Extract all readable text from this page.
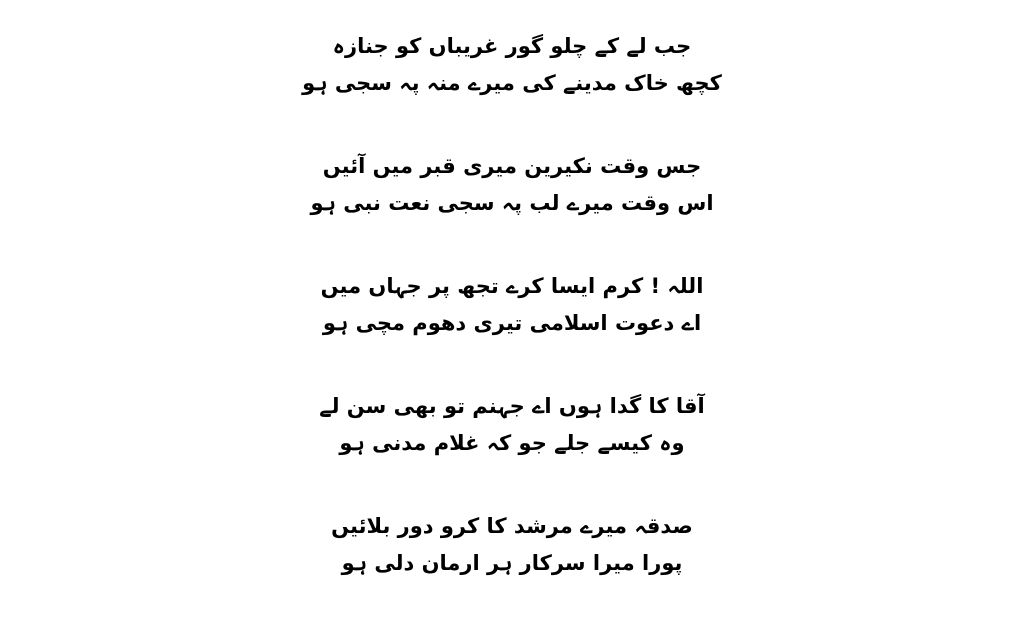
جب لے کے چلو گور غریباں کو جنازہ
کچھ خاک مدینے کی میرے منہ پہ سجی ہو
جس وقت نکیرین میری قبر میں آئیں
اس وقت میرے لب پہ سجی نعت نبی ہو
اللہ ! کرم ایسا کرے تجھ پر جہاں میں
اے دعوت اسلامی تیری دھوم مچی ہو
آقا کا گدا ہوں اے جہنم تو بھی سن لے
وہ کیسے جلے جو کہ غلام مدنی ہو
صدقہ میرے مرشد کا کرو دور بلائیں
پورا میرا سرکار ہر ارمان دلی ہو
